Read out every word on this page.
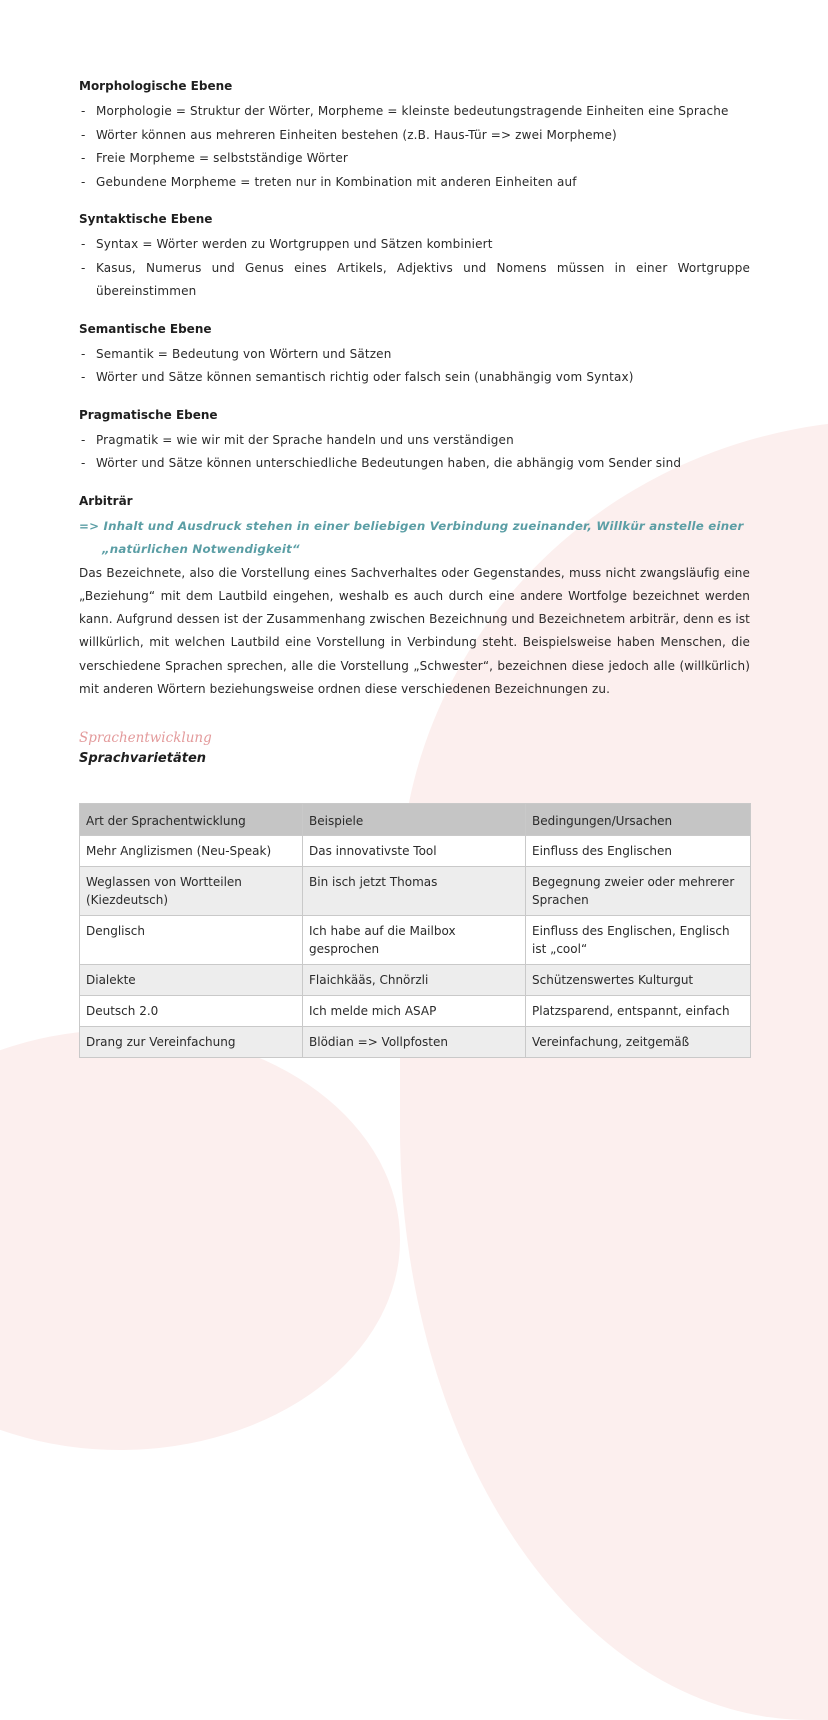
Morphologische Ebene
- Morphologie = Struktur der Wörter, Morpheme = kleinste bedeutungstragende Einheiten eine Sprache
- Wörter können aus mehreren Einheiten bestehen (z.B. Haus-Tür => zwei Morpheme)
- Freie Morpheme = selbstständige Wörter
- Gebundene Morpheme = treten nur in Kombination mit anderen Einheiten auf
Syntaktische Ebene
- Syntax = Wörter werden zu Wortgruppen und Sätzen kombiniert
- Kasus, Numerus und Genus eines Artikels, Adjektivs und Nomens müssen in einer Wortgruppe übereinstimmen
Semantische Ebene
- Semantik = Bedeutung von Wörtern und Sätzen
- Wörter und Sätze können semantisch richtig oder falsch sein (unabhängig vom Syntax)
Pragmatische Ebene
- Pragmatik = wie wir mit der Sprache handeln und uns verständigen
- Wörter und Sätze können unterschiedliche Bedeutungen haben, die abhängig vom Sender sind
Arbiträr
=> Inhalt und Ausdruck stehen in einer beliebigen Verbindung zueinander, Willkür anstelle einer „natürlichen Notwendigkeit“

Das Bezeichnete, also die Vorstellung eines Sachverhaltes oder Gegenstandes, muss nicht zwangsläufig eine „Beziehung“ mit dem Lautbild eingehen, weshalb es auch durch eine andere Wortfolge bezeichnet werden kann. Aufgrund dessen ist der Zusammenhang zwischen Bezeichnung und Bezeichnetem arbiträr, denn es ist willkürlich, mit welchen Lautbild eine Vorstellung in Verbindung steht. Beispielsweise haben Menschen, die verschiedene Sprachen sprechen, alle die Vorstellung „Schwester“, bezeichnen diese jedoch alle (willkürlich) mit anderen Wörtern beziehungsweise ordnen diese verschiedenen Bezeichnungen zu.

Sprachentwicklung
Sprachvarietäten
Art der Sprachentwicklung	Beispiele	Bedingungen/Ursachen
Mehr Anglizismen (Neu-Speak)	Das innovativste Tool	Einfluss des Englischen
Weglassen von Wortteilen (Kiezdeutsch)	Bin isch jetzt Thomas	Begegnung zweier oder mehrerer Sprachen
Denglisch	Ich habe auf die Mailbox gesprochen	Einfluss des Englischen, Englisch ist „cool“
Dialekte	Flaichkääs, Chnörzli	Schützenswertes Kulturgut
Deutsch 2.0	Ich melde mich ASAP	Platzsparend, entspannt, einfach
Drang zur Vereinfachung	Blödian => Vollpfosten	Vereinfachung, zeitgemäß
